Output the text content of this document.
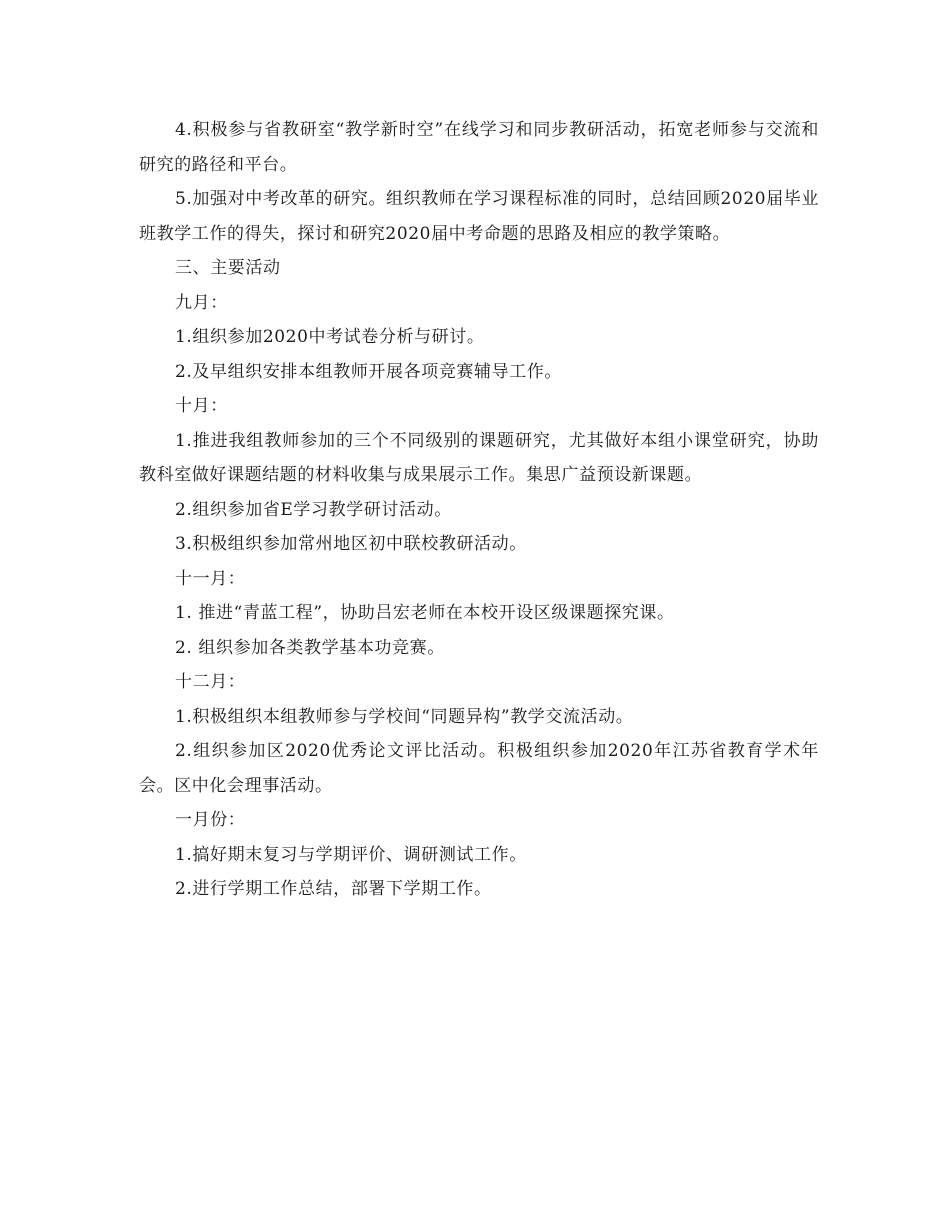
4.积极参与省教研室“教学新时空”在线学习和同步教研活动，拓宽老师参与交流和研究的路径和平台。

5.加强对中考改革的研究。组织教师在学习课程标准的同时，总结回顾2020届毕业班教学工作的得失，探讨和研究2020届中考命题的思路及相应的教学策略。

三、主要活动

九月：

1.组织参加2020中考试卷分析与研讨。

2.及早组织安排本组教师开展各项竞赛辅导工作。

十月：

1.推进我组教师参加的三个不同级别的课题研究，尤其做好本组小课堂研究，协助教科室做好课题结题的材料收集与成果展示工作。集思广益预设新课题。

2.组织参加省E学习教学研讨活动。

3.积极组织参加常州地区初中联校教研活动。

十一月：

1. 推进“青蓝工程”，协助吕宏老师在本校开设区级课题探究课。

2. 组织参加各类教学基本功竞赛。

十二月：

1.积极组织本组教师参与学校间“同题异构”教学交流活动。

2.组织参加区2020优秀论文评比活动。积极组织参加2020年江苏省教育学术年会。区中化会理事活动。

一月份：

1.搞好期末复习与学期评价、调研测试工作。

2.进行学期工作总结，部署下学期工作。
